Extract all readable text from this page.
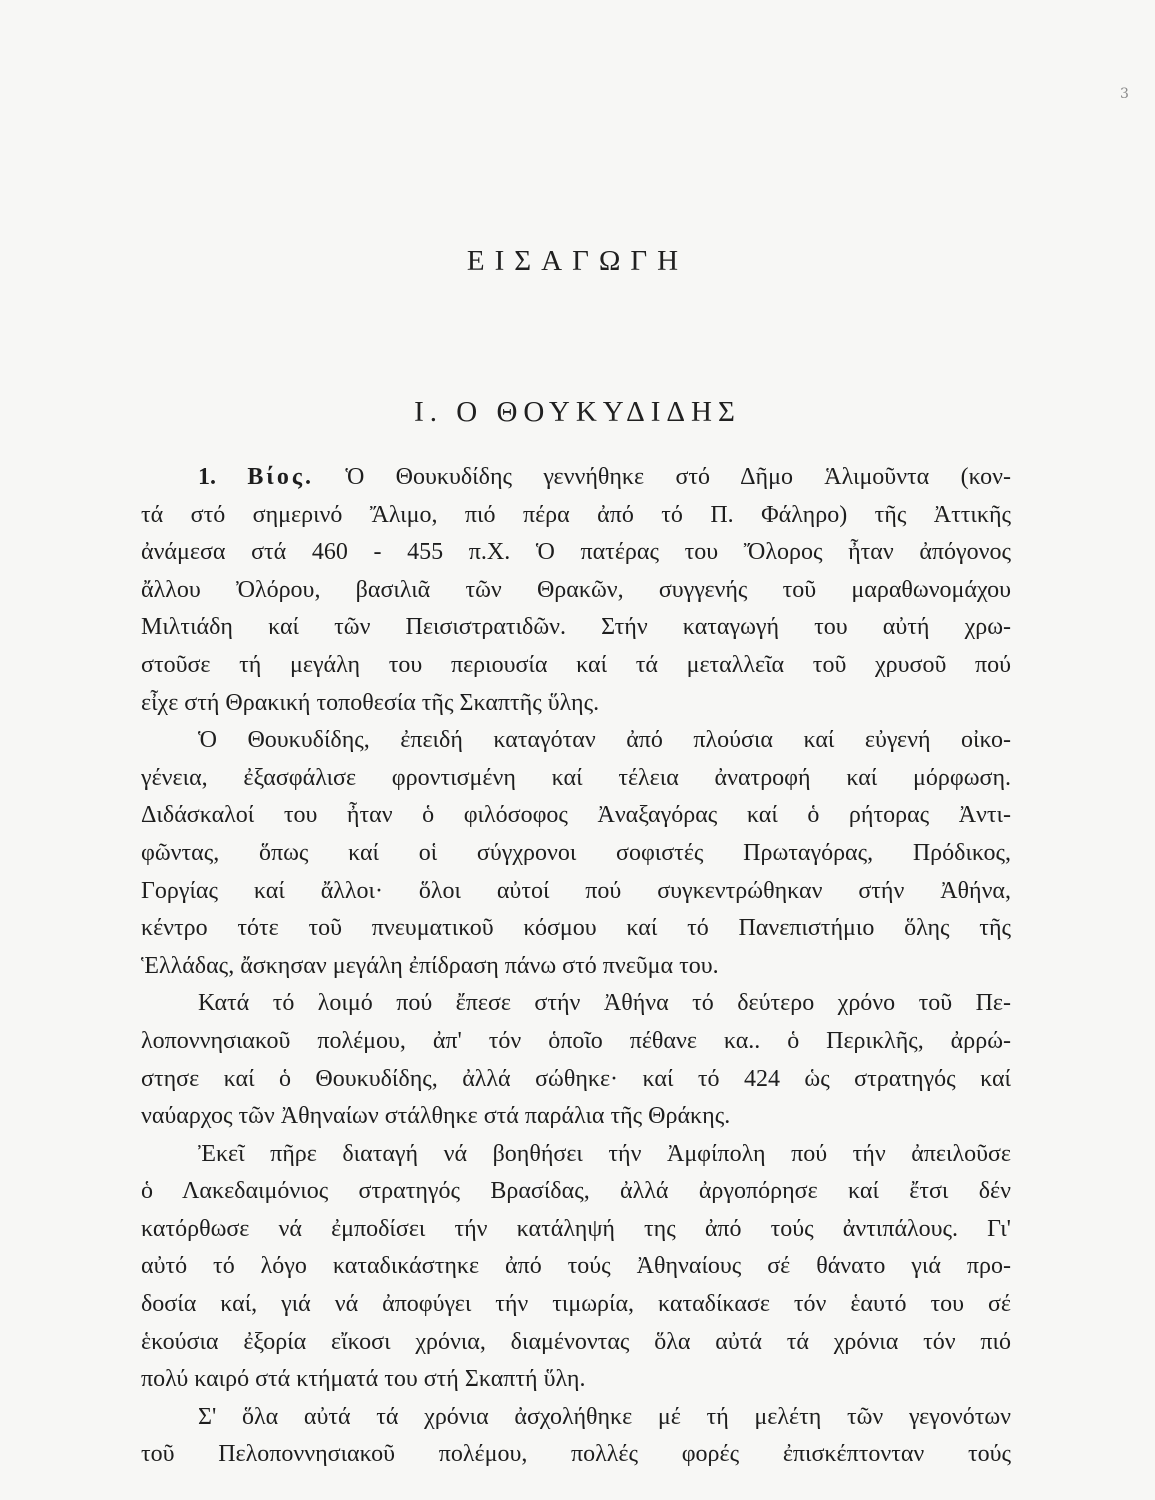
3
ΕΙΣΑΓΩΓΗ
Ι. Ο ΘΟΥΚΥΔΙΔΗΣ
1. Βίος. Ὁ Θουκυδίδης γεννήθηκε στό Δῆμο Ἁλιμοῦντα (κον-
τά στό σημερινό Ἄλιμο, πιό πέρα ἀπό τό Π. Φάληρο) τῆς Ἀττικῆς
ἀνάμεσα στά 460 - 455 π.Χ. Ὁ πατέρας του Ὄλορος ἦταν ἀπόγονος
ἄλλου Ὀλόρου, βασιλιᾶ τῶν Θρακῶν, συγγενής τοῦ μαραθωνομάχου
Μιλτιάδη καί τῶν Πεισιστρατιδῶν. Στήν καταγωγή του αὐτή χρω-
στοῦσε τή μεγάλη του περιουσία καί τά μεταλλεῖα τοῦ χρυσοῦ πού
εἶχε στή Θρακική τοποθεσία τῆς Σκαπτῆς ὕλης.
Ὁ Θουκυδίδης, ἐπειδή καταγόταν ἀπό πλούσια καί εὐγενή οἰκο-
γένεια, ἐξασφάλισε φροντισμένη καί τέλεια ἀνατροφή καί μόρφωση.
Διδάσκαλοί του ἦταν ὁ φιλόσοφος Ἀναξαγόρας καί ὁ ρήτορας Ἀντι-
φῶντας, ὅπως καί οἱ σύγχρονοι σοφιστές Πρωταγόρας, Πρόδικος,
Γοργίας καί ἄλλοι· ὅλοι αὐτοί πού συγκεντρώθηκαν στήν Ἀθήνα,
κέντρο τότε τοῦ πνευματικοῦ κόσμου καί τό Πανεπιστήμιο ὅλης τῆς
Ἑλλάδας, ἄσκησαν μεγάλη ἐπίδραση πάνω στό πνεῦμα του.
Κατά τό λοιμό πού ἔπεσε στήν Ἀθήνα τό δεύτερο χρόνο τοῦ Πε-
λοποννησιακοῦ πολέμου, ἀπ' τόν ὁποῖο πέθανε κα.. ὁ Περικλῆς, ἀρρώ-
στησε καί ὁ Θουκυδίδης, ἀλλά σώθηκε· καί τό 424 ὡς στρατηγός καί
ναύαρχος τῶν Ἀθηναίων στάλθηκε στά παράλια τῆς Θράκης.
Ἐκεῖ πῆρε διαταγή νά βοηθήσει τήν Ἀμφίπολη πού τήν ἀπειλοῦσε
ὁ Λακεδαιμόνιος στρατηγός Βρασίδας, ἀλλά ἀργοπόρησε καί ἔτσι δέν
κατόρθωσε νά ἐμποδίσει τήν κατάληψή της ἀπό τούς ἀντιπάλους. Γι'
αὐτό τό λόγο καταδικάστηκε ἀπό τούς Ἀθηναίους σέ θάνατο γιά προ-
δοσία καί, γιά νά ἀποφύγει τήν τιμωρία, καταδίκασε τόν ἑαυτό του σέ
ἑκούσια ἐξορία εἴκοσι χρόνια, διαμένοντας ὅλα αὐτά τά χρόνια τόν πιό
πολύ καιρό στά κτήματά του στή Σκαπτή ὕλη.
Σ' ὅλα αὐτά τά χρόνια ἀσχολήθηκε μέ τή μελέτη τῶν γεγονότων
τοῦ Πελοποννησιακοῦ πολέμου, πολλές φορές ἐπισκέπτονταν τούς
